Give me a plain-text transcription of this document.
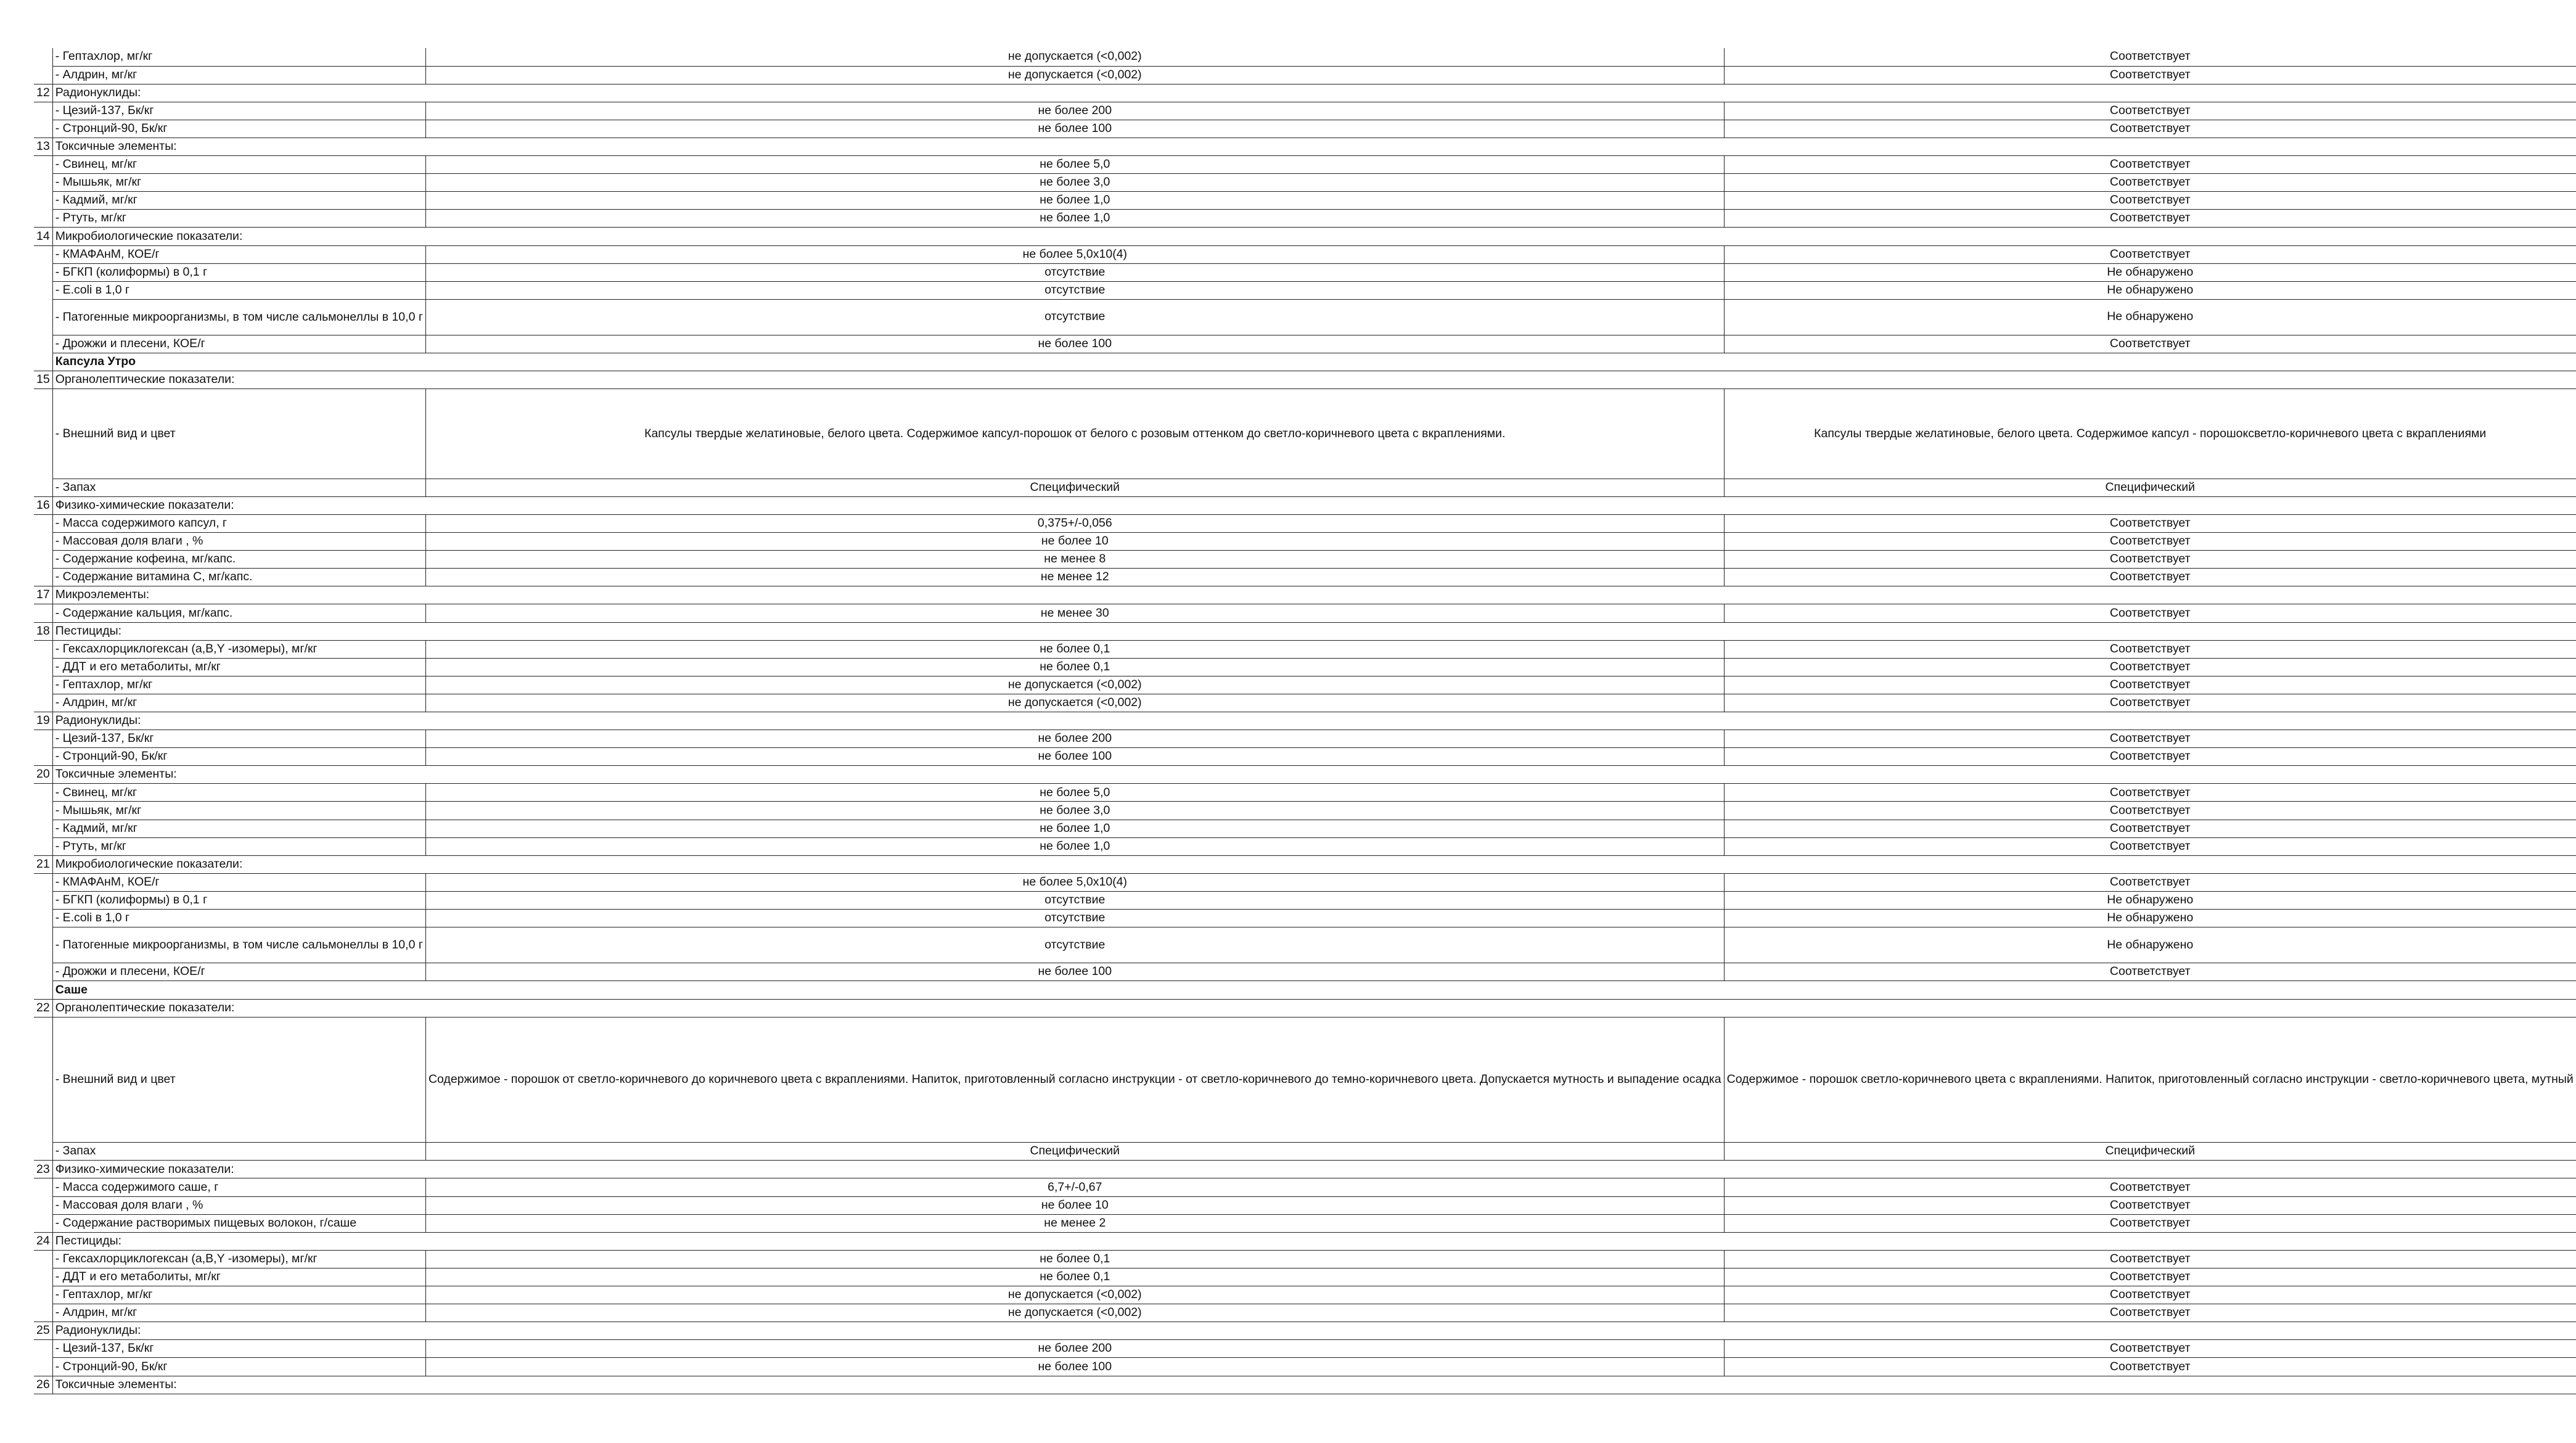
	- Гептахлор, мг/кг	не допускается (<0,002)	Соответствует
	- Алдрин, мг/кг	не допускается (<0,002)	Соответствует
12	Радионуклиды:		
	- Цезий-137, Бк/кг	не более 200	Соответствует
	- Стронций-90, Бк/кг	не более 100	Соответствует
13	Токсичные элементы:		
	- Свинец, мг/кг	не более 5,0	Соответствует
	- Мышьяк, мг/кг	не более 3,0	Соответствует
	- Кадмий, мг/кг	не более 1,0	Соответствует
	- Ртуть, мг/кг	не более 1,0	Соответствует
14	Микробиологические показатели:		
	- КМАФАнМ, КОЕ/г	не более 5,0x10(4)	Соответствует
	- БГКП (колиформы) в 0,1 г	отсутствие	Не обнаружено
	- E.coli в 1,0 г	отсутствие	Не обнаружено
	- Патогенные микроорганизмы, в том числе сальмонеллы в 10,0 г	отсутствие	Не обнаружено
	- Дрожжи и плесени, КОЕ/г	не более 100	Соответствует
	Капсула Утро		
15	Органолептические показатели:		
	- Внешний вид и цвет	Капсулы твердые желатиновые, белого цвета. Содержимое капсул-порошок от белого с розовым оттенком до светло-коричневого цвета с вкраплениями.	Капсулы твердые желатиновые, белого цвета. Содержимое капсул - порошоксветло-коричневого цвета с вкраплениями
	- Запах	Специфический	Специфический
16	Физико-химические показатели:		
	- Масса содержимого капсул, г	0,375+/-0,056	Соответствует
	- Массовая доля влаги , %	не более 10	Соответствует
	- Содержание кофеина, мг/капс.	не менее 8	Соответствует
	- Содержание витамина С, мг/капс.	не менее 12	Соответствует
17	Микроэлементы:		
	- Содержание кальция, мг/капс.	не менее 30	Соответствует
18	Пестициды:		
	- Гексахлорциклогексан (a,B,Y -изомеры), мг/кг	не более 0,1	Соответствует
	- ДДТ и его метаболиты, мг/кг	не более 0,1	Соответствует
	- Гептахлор, мг/кг	не допускается (<0,002)	Соответствует
	- Алдрин, мг/кг	не допускается (<0,002)	Соответствует
19	Радионуклиды:		
	- Цезий-137, Бк/кг	не более 200	Соответствует
	- Стронций-90, Бк/кг	не более 100	Соответствует
20	Токсичные элементы:		
	- Свинец, мг/кг	не более 5,0	Соответствует
	- Мышьяк, мг/кг	не более 3,0	Соответствует
	- Кадмий, мг/кг	не более 1,0	Соответствует
	- Ртуть, мг/кг	не более 1,0	Соответствует
21	Микробиологические показатели:		
	- КМАФАнМ, КОЕ/г	не более 5,0x10(4)	Соответствует
	- БГКП (колиформы) в 0,1 г	отсутствие	Не обнаружено
	- E.coli в 1,0 г	отсутствие	Не обнаружено
	- Патогенные микроорганизмы, в том числе сальмонеллы в 10,0 г	отсутствие	Не обнаружено
	- Дрожжи и плесени, КОЕ/г	не более 100	Соответствует
	Саше		
22	Органолептические показатели:		
	- Внешний вид и цвет	Содержимое - порошок от светло-коричневого до коричневого цвета с вкраплениями. Напиток, приготовленный согласно инструкции - от светло-коричневого до темно-коричневого цвета. Допускается мутность и выпадение осадка	Содержимое - порошок светло-коричневого цвета с вкраплениями. Напиток, приготовленный согласно инструкции - светло-коричневого цвета, мутный
	- Запах	Специфический	Специфический
23	Физико-химические показатели:		
	- Масса содержимого саше, г	6,7+/-0,67	Соответствует
	- Массовая доля влаги , %	не более 10	Соответствует
	- Содержание растворимых пищевых волокон, г/саше	не менее 2	Соответствует
24	Пестициды:		
	- Гексахлорциклогексан (a,B,Y -изомеры), мг/кг	не более 0,1	Соответствует
	- ДДТ и его метаболиты, мг/кг	не более 0,1	Соответствует
	- Гептахлор, мг/кг	не допускается (<0,002)	Соответствует
	- Алдрин, мг/кг	не допускается (<0,002)	Соответствует
25	Радионуклиды:		
	- Цезий-137, Бк/кг	не более 200	Соответствует
	- Стронций-90, Бк/кг	не более 100	Соответствует
26	Токсичные элементы:		
